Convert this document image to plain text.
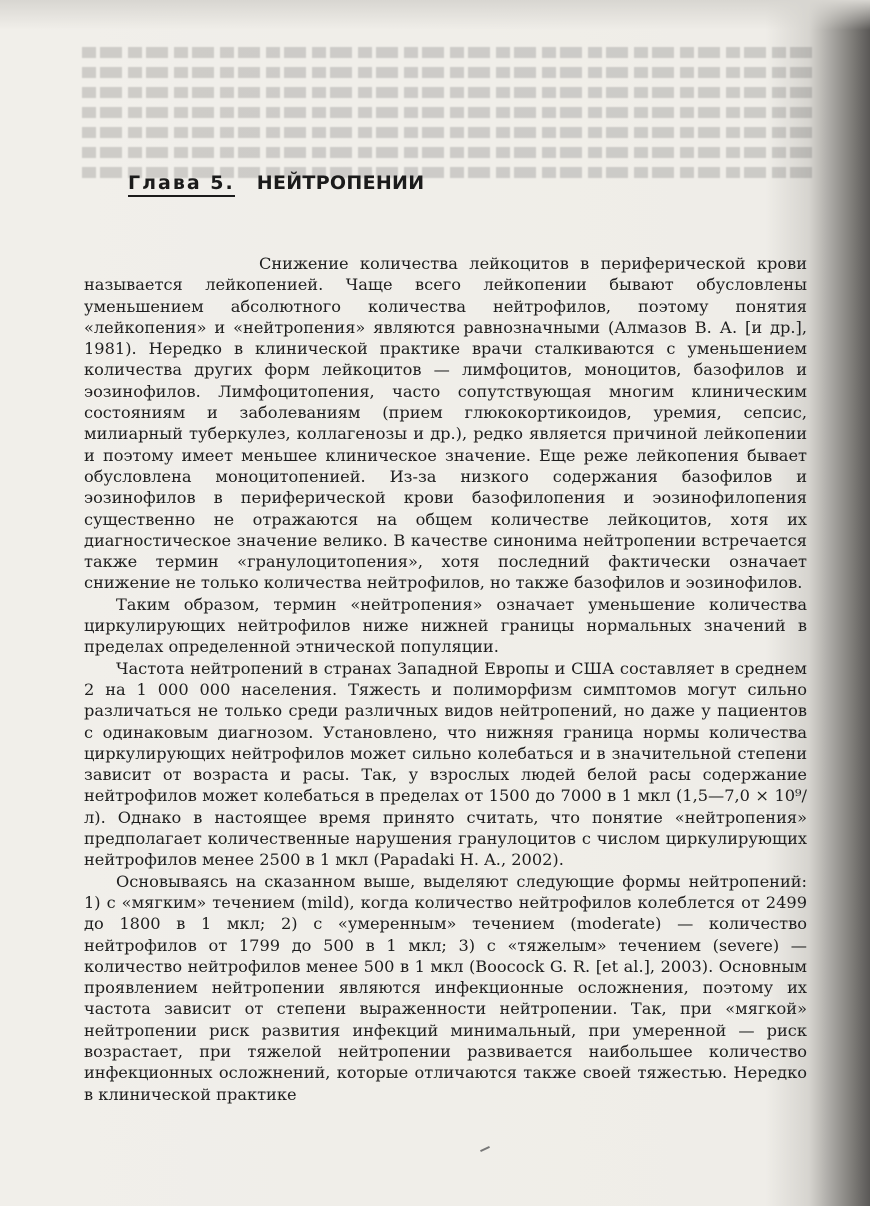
Глава 5. НЕЙТРОПЕНИИ

Снижение количества лейкоцитов в периферической крови называется лейкопенией. Чаще всего лейкопении бывают обусловлены уменьшением абсолютного количества нейтрофилов, поэтому понятия «лейкопения» и «нейтропения» являются равнозначными (Алмазов В. А. [и др.], 1981). Нередко в клинической практике врачи сталкиваются с уменьшением количества других форм лейкоцитов — лимфоцитов, моноцитов, базофилов и эозинофилов. Лимфоцитопения, часто сопутствующая многим клиническим состояниям и заболеваниям (прием глюкокортикоидов, уремия, сепсис, милиарный туберкулез, коллагенозы и др.), редко является причиной лейкопении и поэтому имеет меньшее клиническое значение. Еще реже лейкопения бывает обусловлена моноцитопенией. Из-за низкого содержания базофилов и эозинофилов в периферической крови базофилопения и эозинофилопения существенно не отражаются на общем количестве лейкоцитов, хотя их диагностическое значение велико. В качестве синонима нейтропении встречается также термин «гранулоцитопения», хотя последний фактически означает снижение не только количества нейтрофилов, но также базофилов и эозинофилов.

Таким образом, термин «нейтропения» означает уменьшение количества циркулирующих нейтрофилов ниже нижней границы нормальных значений в пределах определенной этнической популяции.

Частота нейтропений в странах Западной Европы и США составляет в среднем 2 на 1 000 000 населения. Тяжесть и полиморфизм симптомов могут сильно различаться не только среди различных видов нейтропений, но даже у пациентов с одинаковым диагнозом. Установлено, что нижняя граница нормы количества циркулирующих нейтрофилов может сильно колебаться и в значительной степени зависит от возраста и расы. Так, у взрослых людей белой расы содержание нейтрофилов может колебаться в пределах от 1500 до 7000 в 1 мкл (1,5—7,0 × 10⁹/л). Однако в настоящее время принято считать, что понятие «нейтропения» предполагает количественные нарушения гранулоцитов с числом циркулирующих нейтрофилов менее 2500 в 1 мкл (Papadaki H. A., 2002).

Основываясь на сказанном выше, выделяют следующие формы нейтропений: 1) с «мягким» течением (mild), когда количество нейтрофилов колеблется от 2499 до 1800 в 1 мкл; 2) с «умеренным» течением (moderate) — количество нейтрофилов от 1799 до 500 в 1 мкл; 3) с «тяжелым» течением (severe) — количество нейтрофилов менее 500 в 1 мкл (Boocock G. R. [et al.], 2003). Основным проявлением нейтропении являются инфекционные осложнения, поэтому их частота зависит от степени выраженности нейтропении. Так, при «мягкой» нейтропении риск развития инфекций минимальный, при умеренной — риск возрастает, при тяжелой нейтропении развивается наибольшее количество инфекционных осложнений, которые отличаются также своей тяжестью. Нередко в клинической практике
